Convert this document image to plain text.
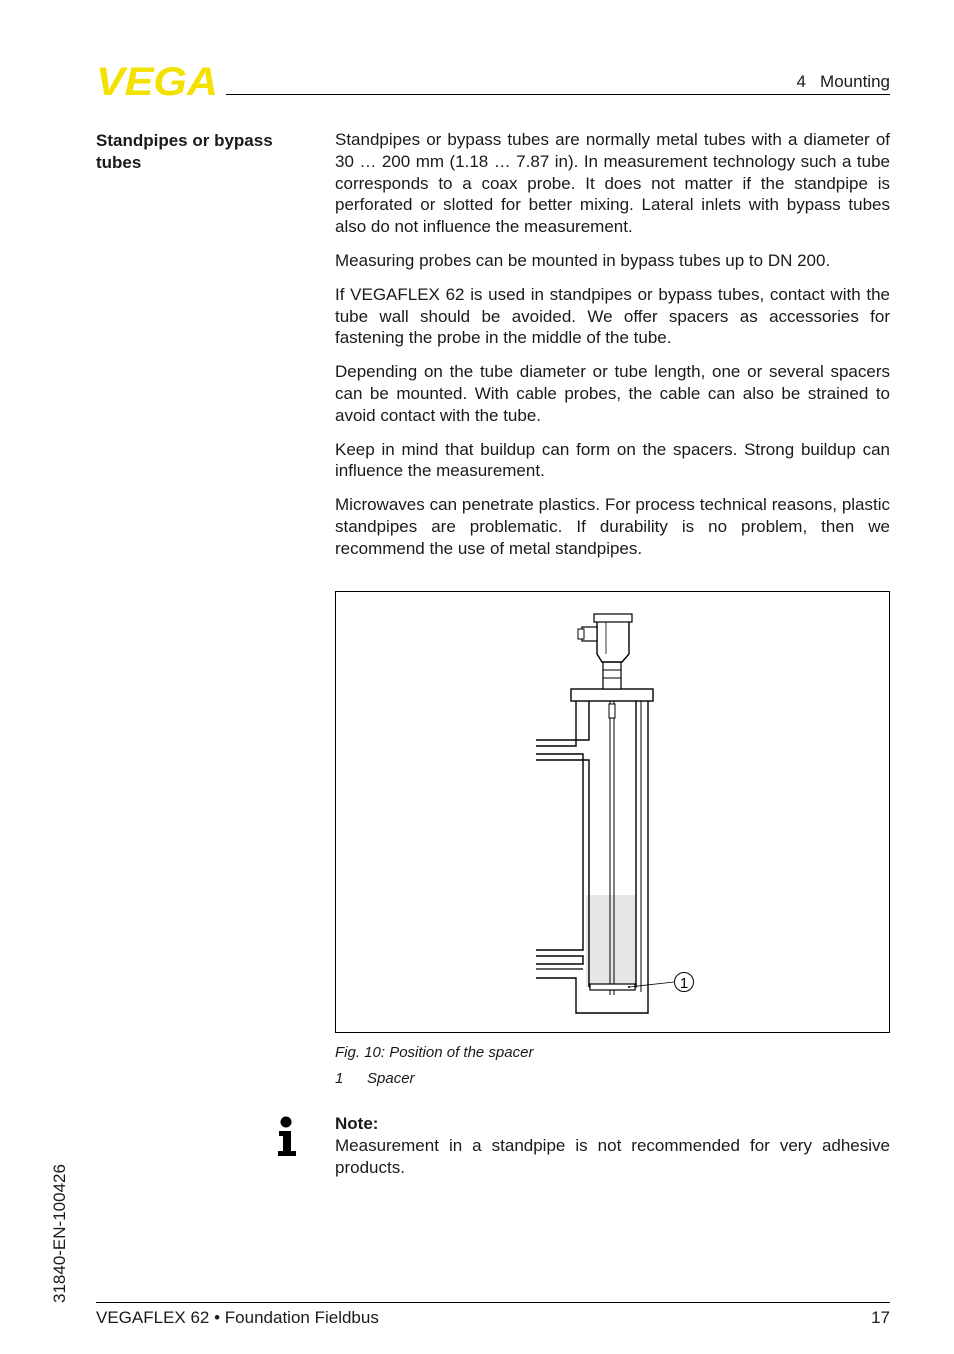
VEGA	4   Mounting
Standpipes or bypass tubes

Standpipes or bypass tubes are normally metal tubes with a diameter of 30 … 200 mm (1.18 … 7.87 in). In measurement technology such a tube corresponds to a coax probe. It does not matter if the standpipe is perforated or slotted for better mixing. Lateral inlets with bypass tubes also do not influence the measurement.

Measuring probes can be mounted in bypass tubes up to DN 200.

If VEGAFLEX 62 is used in standpipes or bypass tubes, contact with the tube wall should be avoided. We offer spacers as accessories for fastening the probe in the middle of the tube.

Depending on the tube diameter or tube length, one or several spacers can be mounted. With cable probes, the cable can also be strained to avoid contact with the tube.

Keep in mind that buildup can form on the spacers. Strong buildup can influence the measurement.

Microwaves can penetrate plastics. For process technical reasons, plastic standpipes are problematic. If durability is no problem, then we recommend the use of metal standpipes.

1
Fig. 10: Position of the spacer
1 Spacer
Note:
Measurement in a standpipe is not recommended for very adhesive products.
31840-EN-100426
VEGAFLEX 62 • Foundation Fieldbus	17
